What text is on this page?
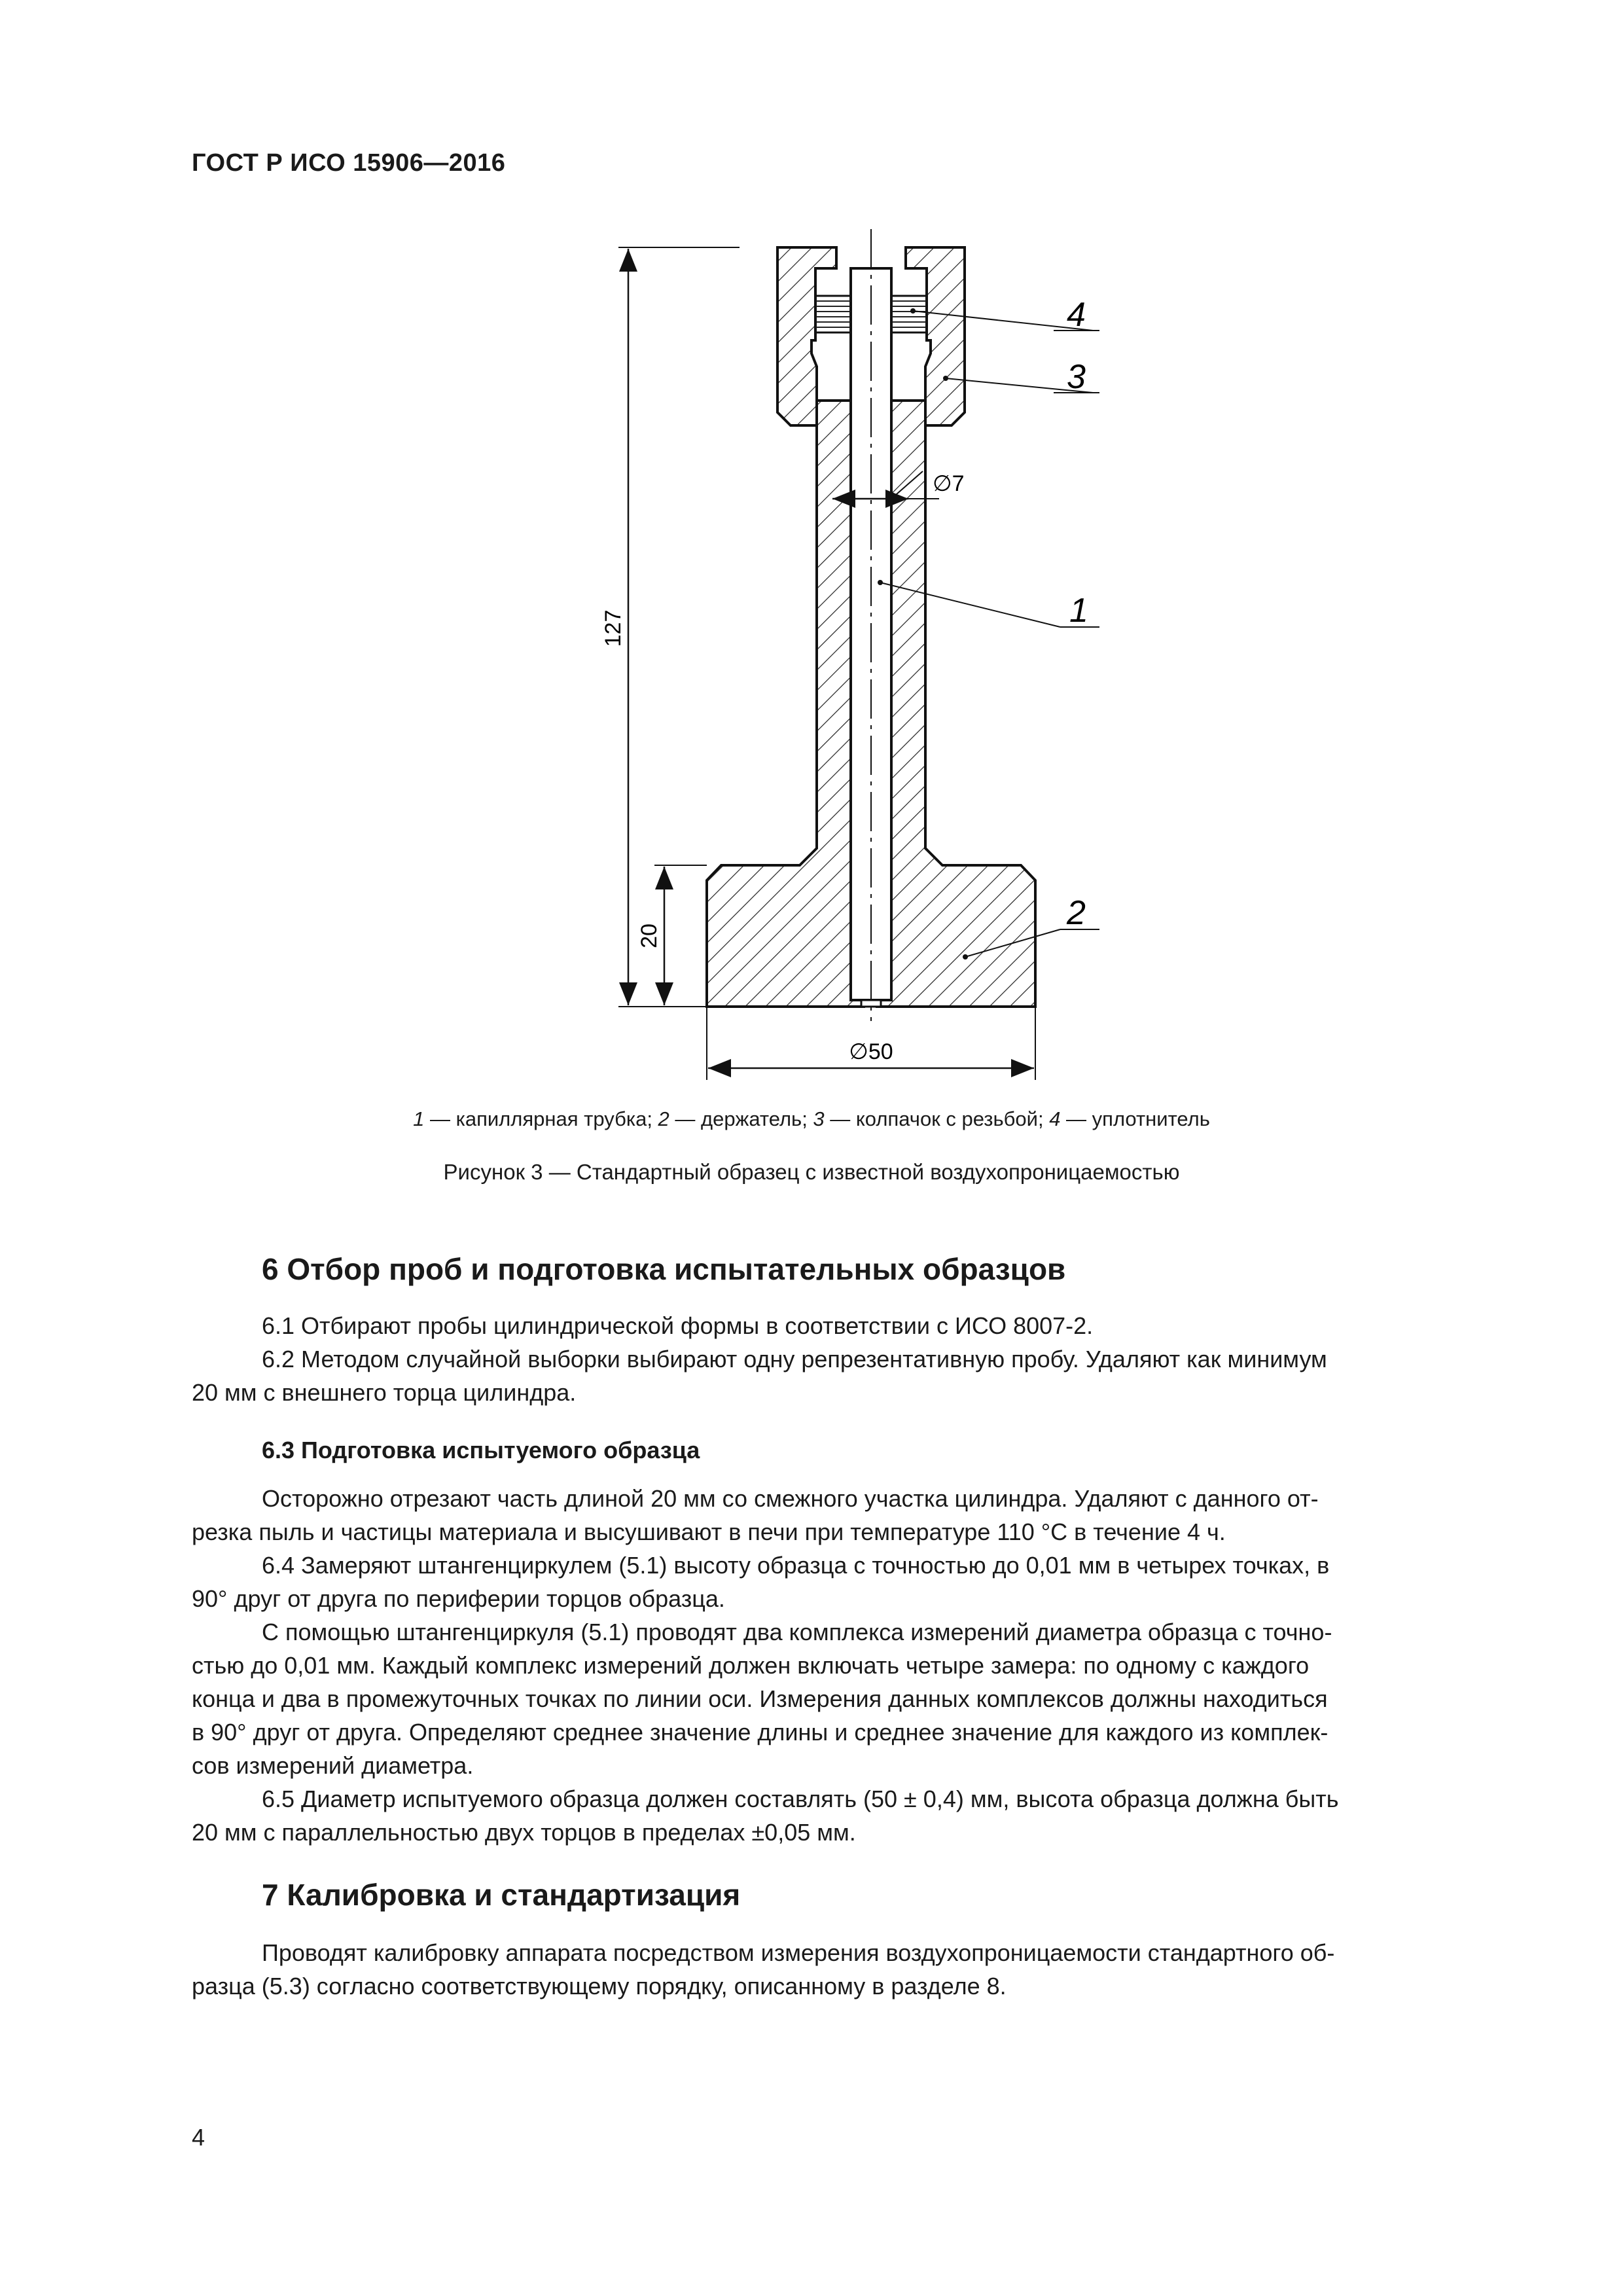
ГОСТ Р ИСО 15906—2016
127
20
∅50
∅7
4
3
1
2
1 — капиллярная трубка; 2 — держатель; 3 — колпачок с резьбой; 4 — уплотнитель
Рисунок 3 — Стандартный образец с известной воздухопроницаемостью
6 Отбор проб и подготовка испытательных образцов
6.1 Отбирают пробы цилиндрической формы в соответствии с ИСО 8007-2.
6.2 Методом случайной выборки выбирают одну репрезентативную пробу. Удаляют как минимум
20 мм с внешнего торца цилиндра.
6.3 Подготовка испытуемого образца
Осторожно отрезают часть длиной 20 мм со смежного участка цилиндра. Удаляют с данного от-
резка пыль и частицы материала и высушивают в печи при температуре 110 °С в течение 4 ч.
6.4 Замеряют штангенциркулем (5.1) высоту образца с точностью до 0,01 мм в четырех точках, в
90° друг от друга по периферии торцов образца.
С помощью штангенциркуля (5.1) проводят два комплекса измерений диаметра образца с точно-
стью до 0,01 мм. Каждый комплекс измерений должен включать четыре замера: по одному с каждого
конца и два в промежуточных точках по линии оси. Измерения данных комплексов должны находиться
в 90° друг от друга. Определяют среднее значение длины и среднее значение для каждого из комплек-
сов измерений диаметра.
6.5 Диаметр испытуемого образца должен составлять (50 ± 0,4) мм, высота образца должна быть
20 мм с параллельностью двух торцов в пределах ±0,05 мм.
7 Калибровка и стандартизация
Проводят калибровку аппарата посредством измерения воздухопроницаемости стандартного об-
разца (5.3) согласно соответствующему порядку, описанному в разделе 8.
4
